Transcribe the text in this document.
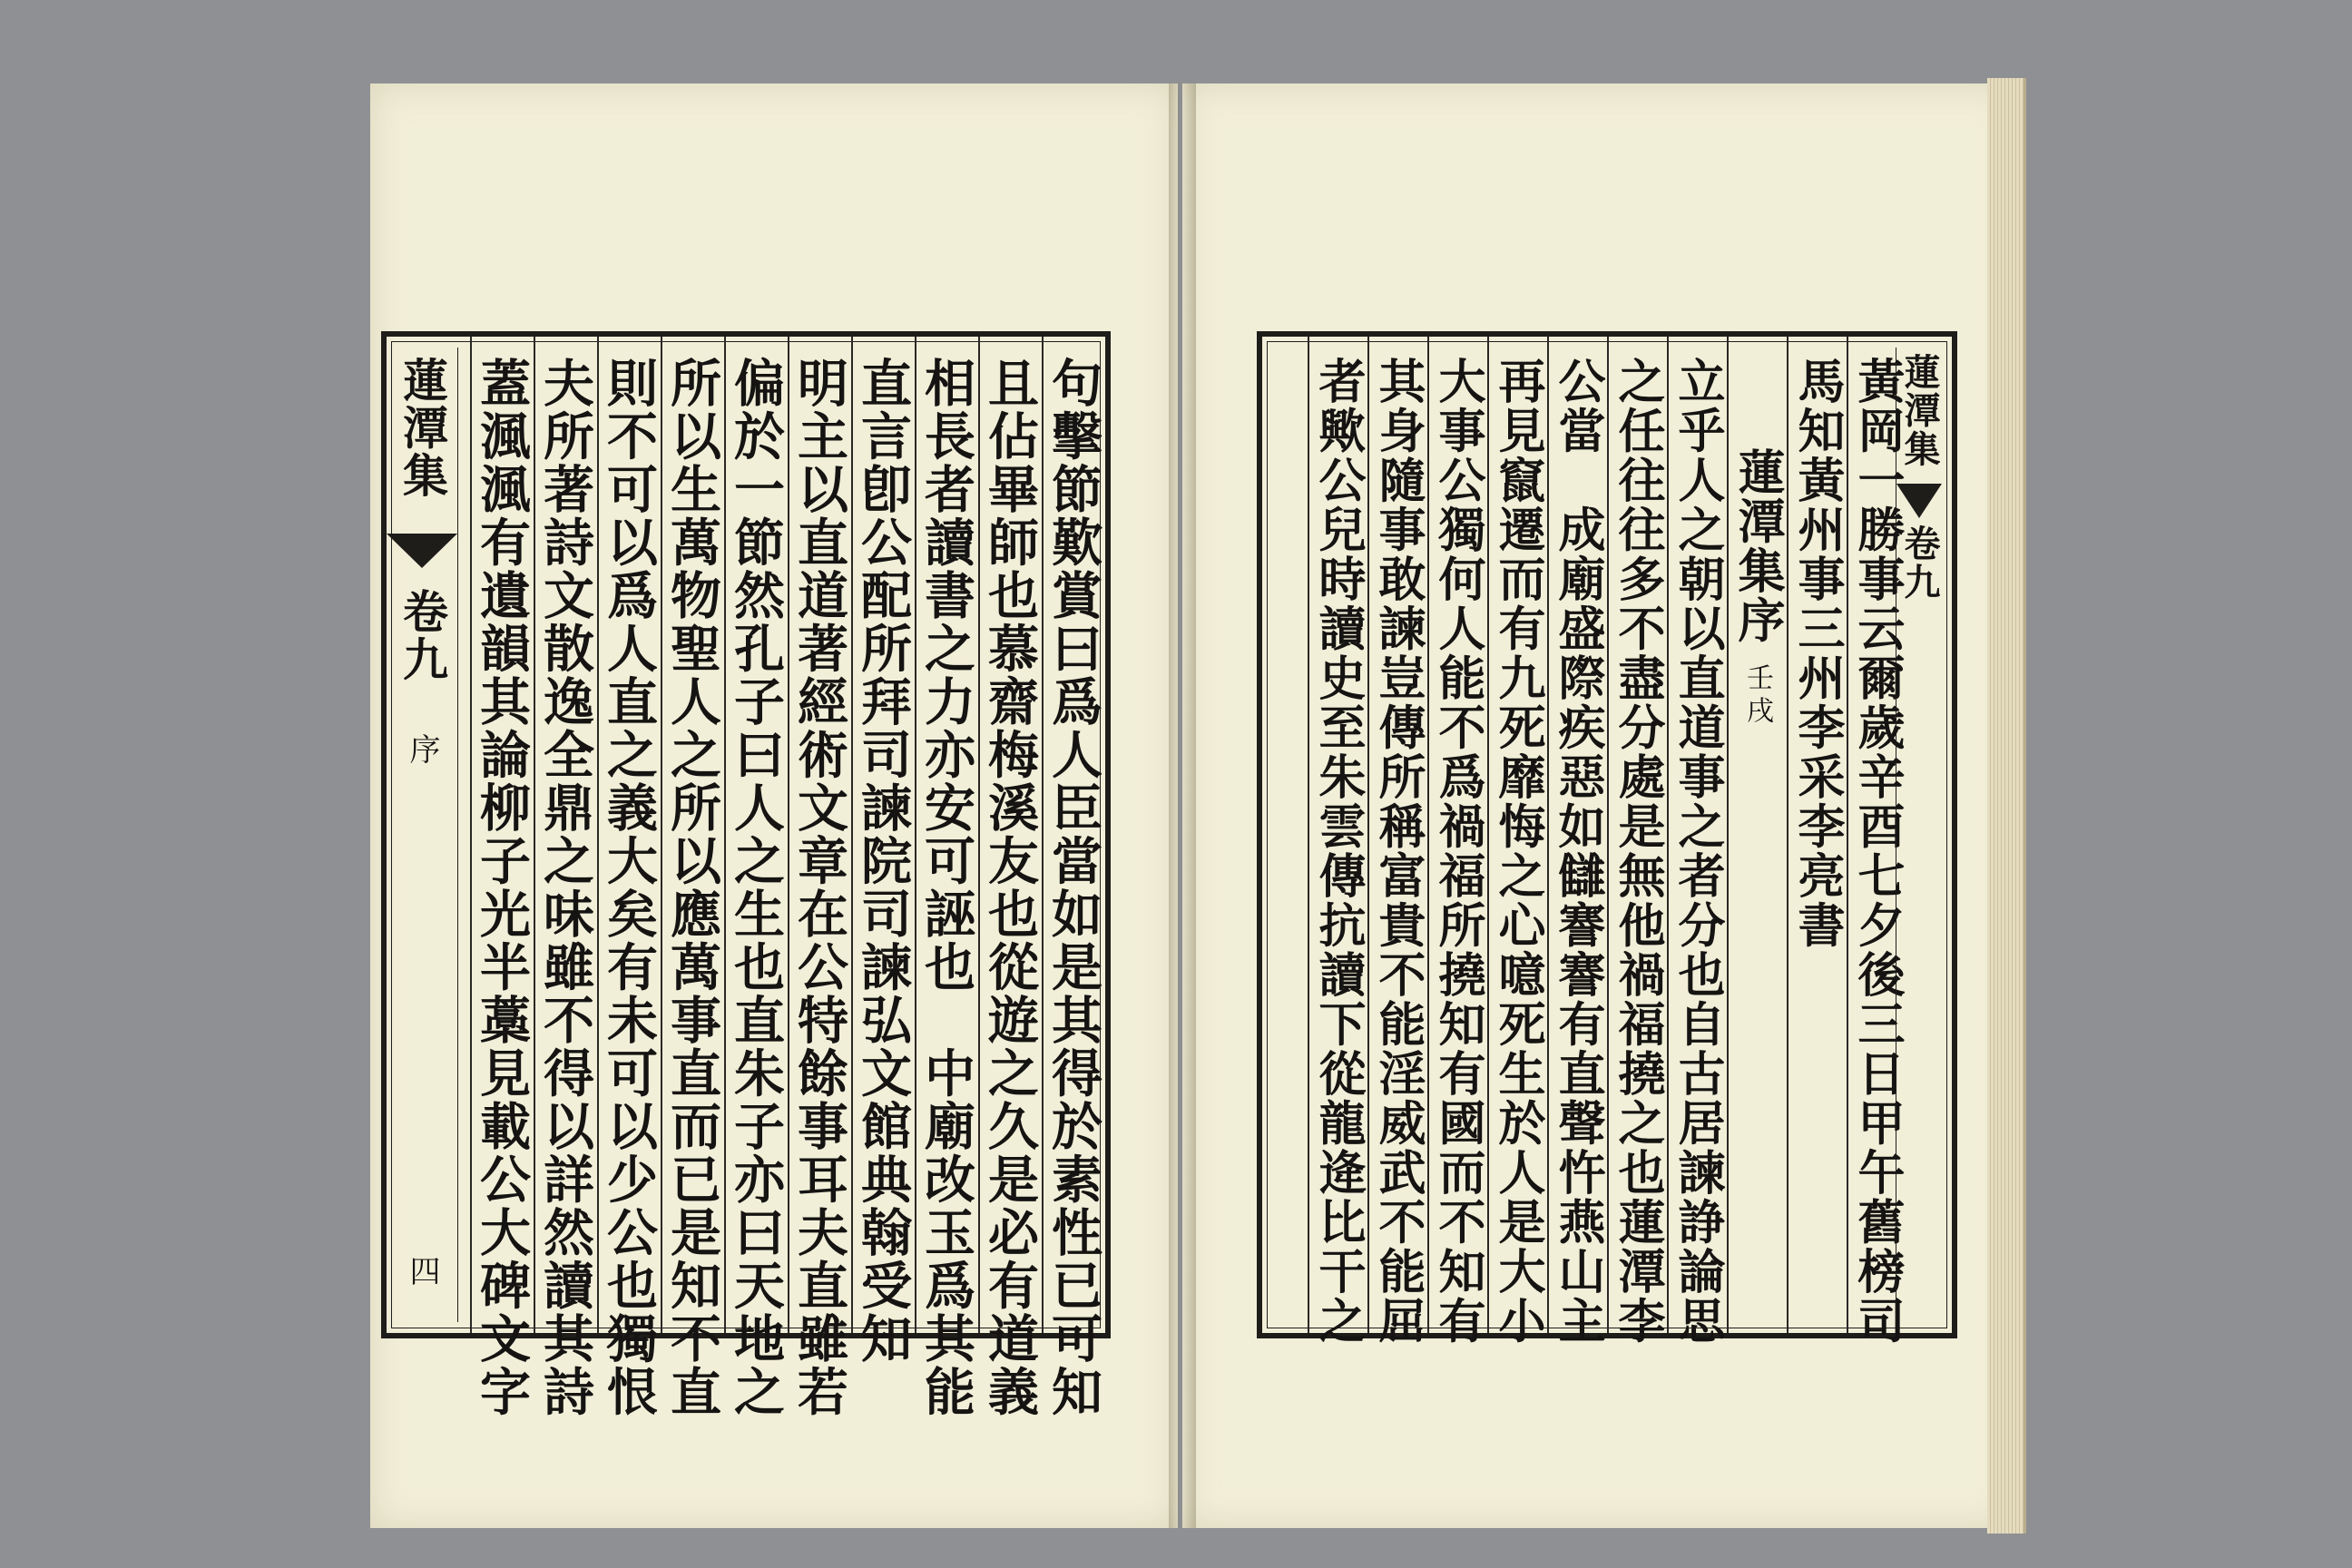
句擊節歎賞曰爲人臣當如是其得於素性已可知
且佔畢師也慕齋梅溪友也從遊之久是必有道義
相長者讀書之力亦安可誣也　中廟改玉爲其能
直言卽公配所拜司諫院司諫弘文館典翰受知
明主以直道著經術文章在公特餘事耳夫直雖若
偏於一節然孔子曰人之生也直朱子亦曰天地之
所以生萬物聖人之所以應萬事直而已是知不直
則不可以爲人直之義大矣有未可以少公也獨恨
夫所著詩文散逸全鼎之味雖不得以詳然讀其詩
蓋渢渢有遺韻其論柳子光半藁見載公大碑文字
蓮潭集
卷九
序
四	黃岡一勝事云爾歲辛酉七夕後三日甲午舊榜司
馬知黃州事三州李采李亮書
蓮潭集序
壬戌
立乎人之朝以直道事之者分也自古居諫諍論思
之任往往多不盡分處是無他禍福撓之也蓮潭李
公當　成廟盛際疾惡如讎謇謇有直聲忤燕山主
再見竄遷而有九死靡悔之心噫死生於人是大小
大事公獨何人能不爲禍福所撓知有國而不知有
其身隨事敢諫豈傳所稱富貴不能淫威武不能屈
者歟公兒時讀史至朱雲傳抗讀下從龍逄比干之	蓮潭集
卷九
